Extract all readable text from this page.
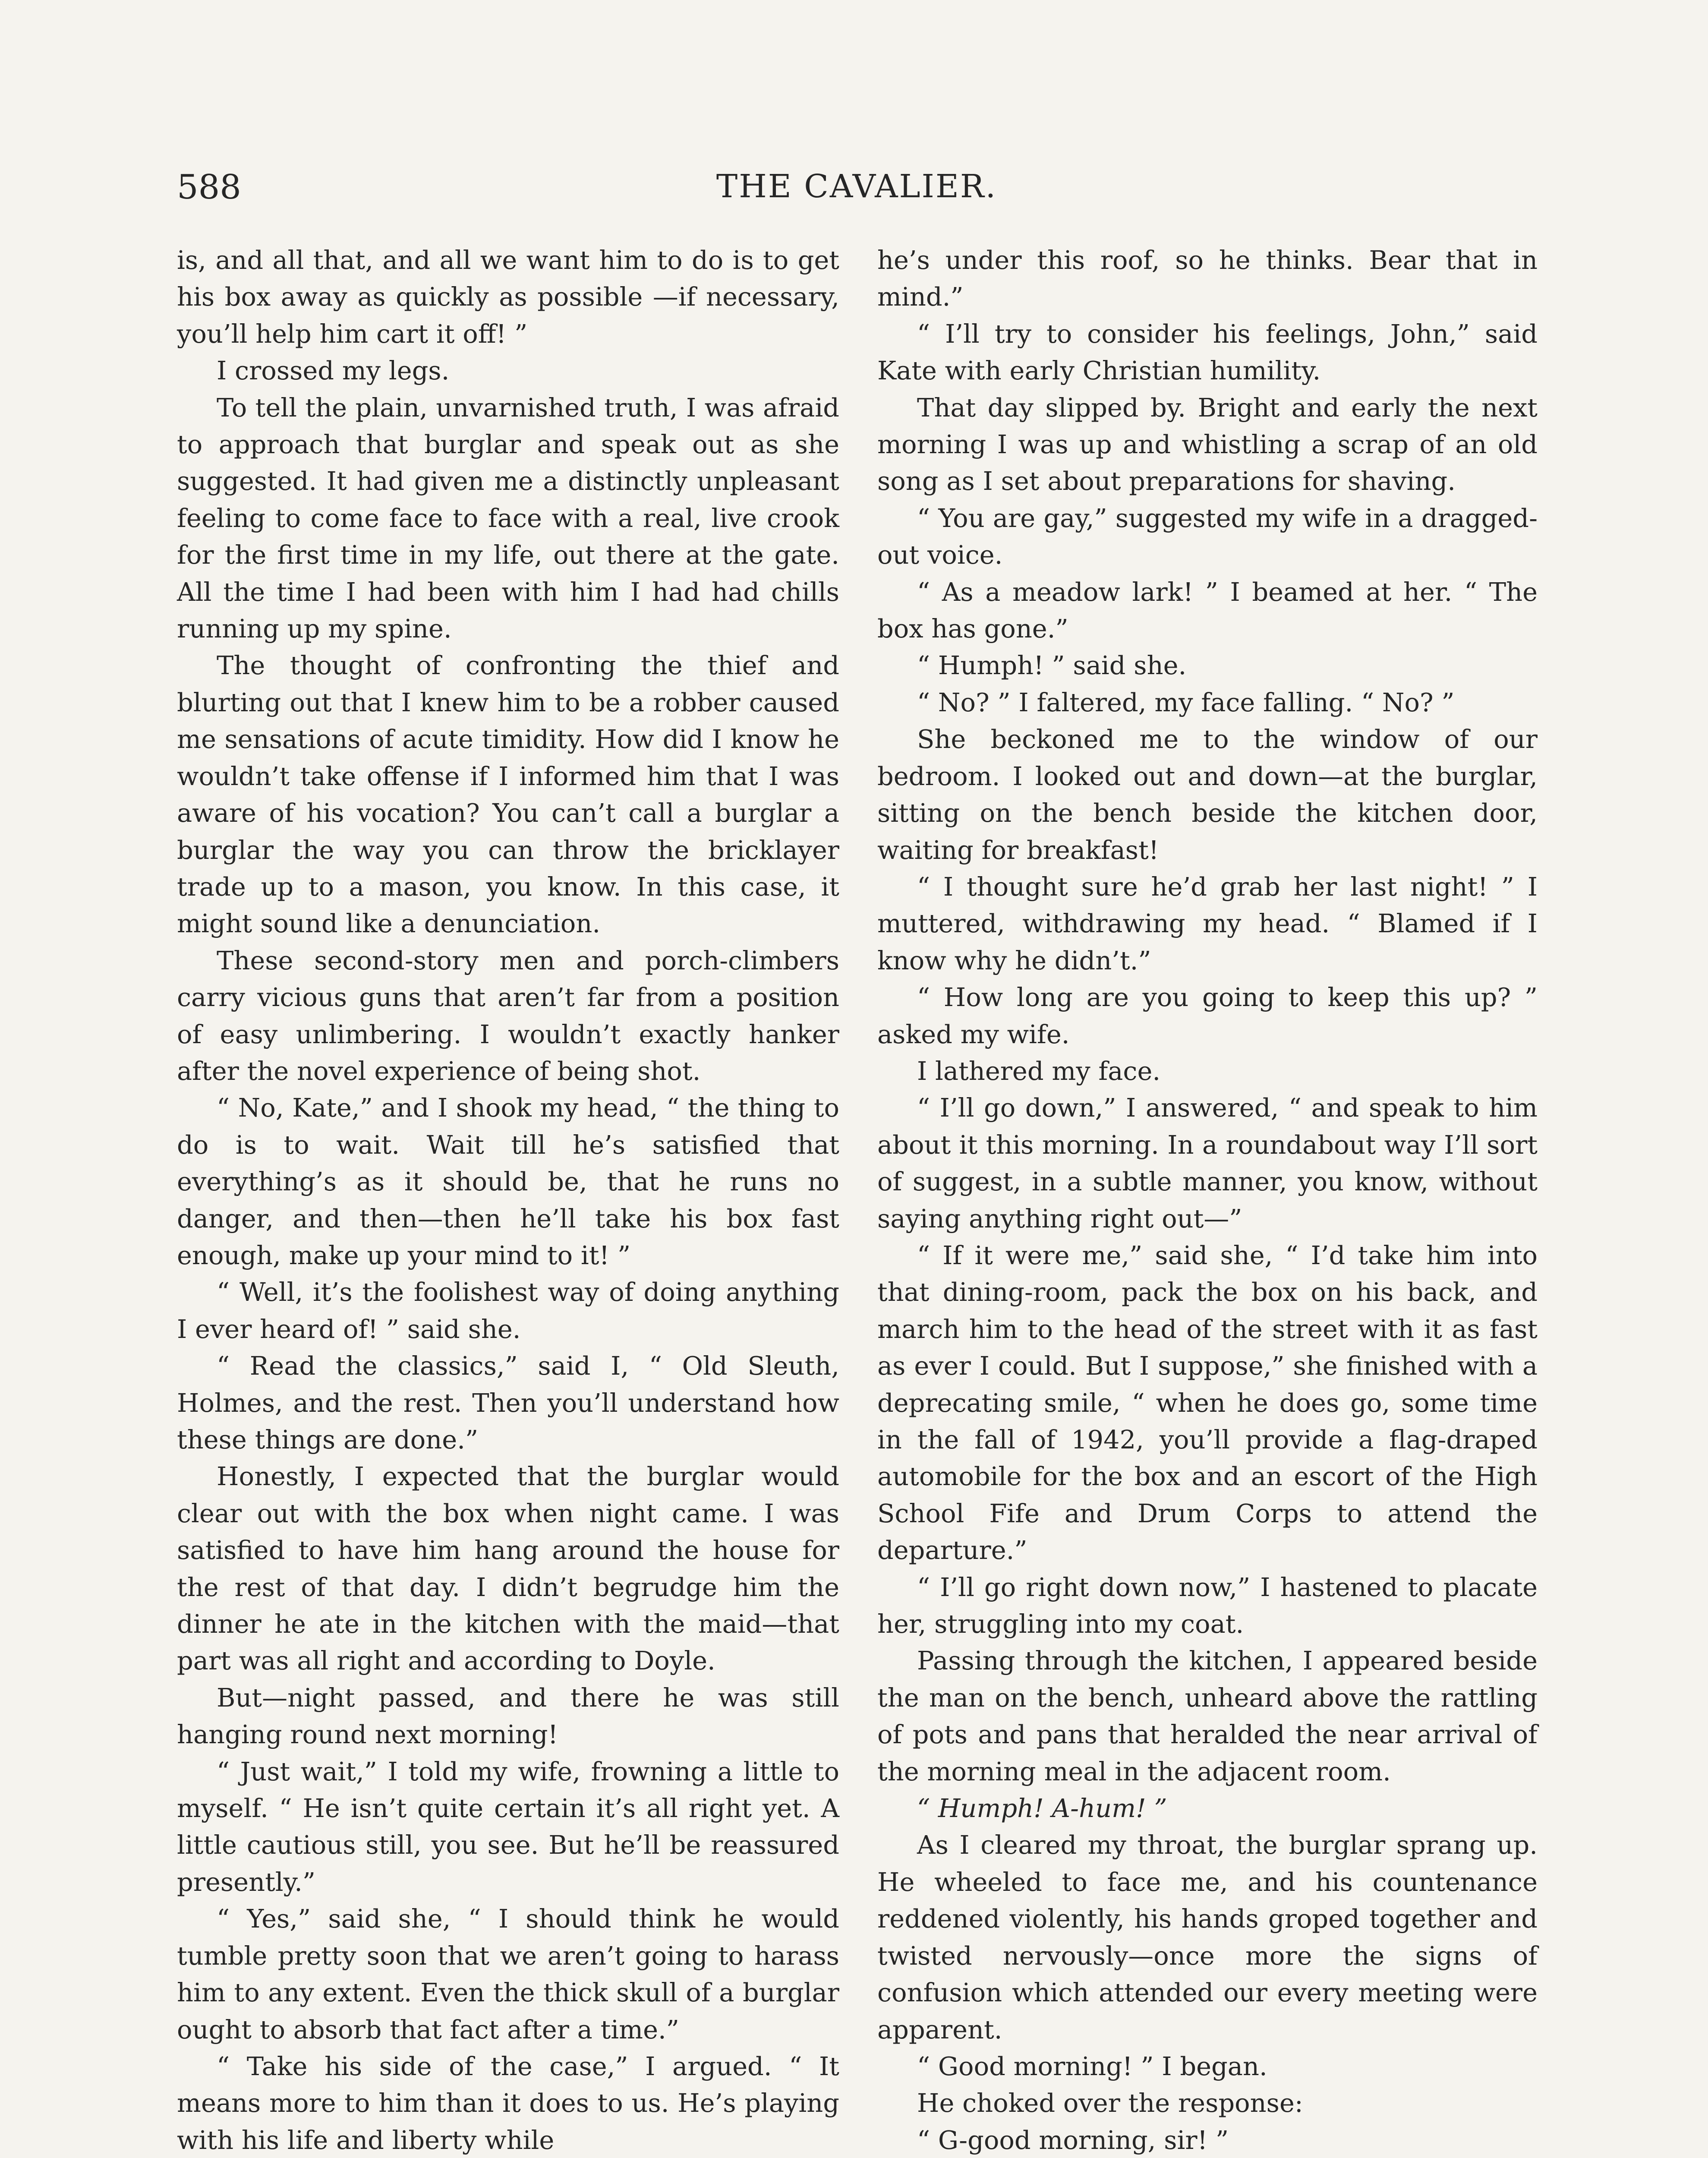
588	THE CAVALIER.

is, and all that, and all we want him to do is to get his box away as quickly as possible —if necessary, you’ll help him cart it off! ”

I crossed my legs.

To tell the plain, unvarnished truth, I was afraid to approach that burglar and speak out as she suggested. It had given me a distinctly unpleasant feeling to come face to face with a real, live crook for the first time in my life, out there at the gate. All the time I had been with him I had had chills running up my spine.

The thought of confronting the thief and blurting out that I knew him to be a robber caused me sensations of acute timidity. How did I know he wouldn’t take offense if I informed him that I was aware of his vocation? You can’t call a burglar a burglar the way you can throw the bricklayer trade up to a mason, you know. In this case, it might sound like a denunciation.

These second-story men and porch-climbers carry vicious guns that aren’t far from a position of easy unlimbering. I wouldn’t exactly hanker after the novel experience of being shot.

“ No, Kate,” and I shook my head, “ the thing to do is to wait. Wait till he’s satisfied that everything’s as it should be, that he runs no danger, and then—then he’ll take his box fast enough, make up your mind to it! ”

“ Well, it’s the foolishest way of doing anything I ever heard of! ” said she.

“ Read the classics,” said I, “ Old Sleuth, Holmes, and the rest. Then you’ll understand how these things are done.”

Honestly, I expected that the burglar would clear out with the box when night came. I was satisfied to have him hang around the house for the rest of that day. I didn’t begrudge him the dinner he ate in the kitchen with the maid—that part was all right and according to Doyle.

But—night passed, and there he was still hanging round next morning!

“ Just wait,” I told my wife, frowning a little to myself. “ He isn’t quite certain it’s all right yet. A little cautious still, you see. But he’ll be reassured presently.”

“ Yes,” said she, “ I should think he would tumble pretty soon that we aren’t going to harass him to any extent. Even the thick skull of a burglar ought to absorb that fact after a time.”

“ Take his side of the case,” I argued. “ It means more to him than it does to us. He’s playing with his life and liberty while

he’s under this roof, so he thinks. Bear that in mind.”

“ I’ll try to consider his feelings, John,” said Kate with early Christian humility.

That day slipped by. Bright and early the next morning I was up and whistling a scrap of an old song as I set about preparations for shaving.

“ You are gay,” suggested my wife in a dragged-out voice.

“ As a meadow lark! ” I beamed at her. “ The box has gone.”

“ Humph! ” said she.

“ No? ” I faltered, my face falling. “ No? ”

She beckoned me to the window of our bedroom. I looked out and down—at the burglar, sitting on the bench beside the kitchen door, waiting for breakfast!

“ I thought sure he’d grab her last night! ” I muttered, withdrawing my head. “ Blamed if I know why he didn’t.”

“ How long are you going to keep this up? ” asked my wife.

I lathered my face.

“ I’ll go down,” I answered, “ and speak to him about it this morning. In a roundabout way I’ll sort of suggest, in a subtle manner, you know, without saying anything right out—”

“ If it were me,” said she, “ I’d take him into that dining-room, pack the box on his back, and march him to the head of the street with it as fast as ever I could. But I suppose,” she finished with a deprecating smile, “ when he does go, some time in the fall of 1942, you’ll provide a flag-draped automobile for the box and an escort of the High School Fife and Drum Corps to attend the departure.”

“ I’ll go right down now,” I hastened to placate her, struggling into my coat.

Passing through the kitchen, I appeared beside the man on the bench, unheard above the rattling of pots and pans that heralded the near arrival of the morning meal in the adjacent room.

“ Humph! A-hum! ”

As I cleared my throat, the burglar sprang up. He wheeled to face me, and his countenance reddened violently, his hands groped together and twisted nervously—once more the signs of confusion which attended our every meeting were apparent.

“ Good morning! ” I began.

He choked over the response:

“ G-good morning, sir! ”
